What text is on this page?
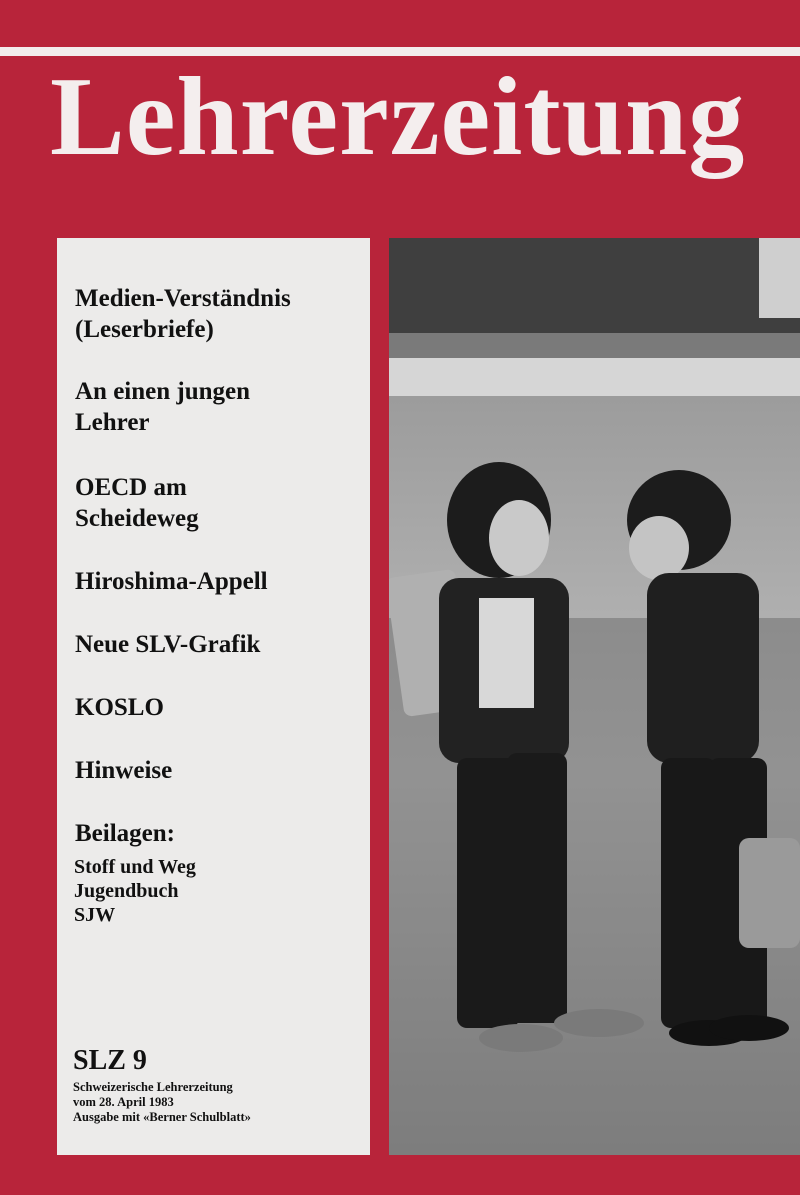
Lehrerzeitung
Medien-Verständnis
(Leserbriefe)
An einen jungen
Lehrer
OECD am
Scheideweg
Hiroshima-Appell
Neue SLV-Grafik
KOSLO
Hinweise
Beilagen:
Stoff und Weg
Jugendbuch
SJW
SLZ 9
Schweizerische Lehrerzeitung
vom 28. April 1983
Ausgabe mit «Berner Schulblatt»
